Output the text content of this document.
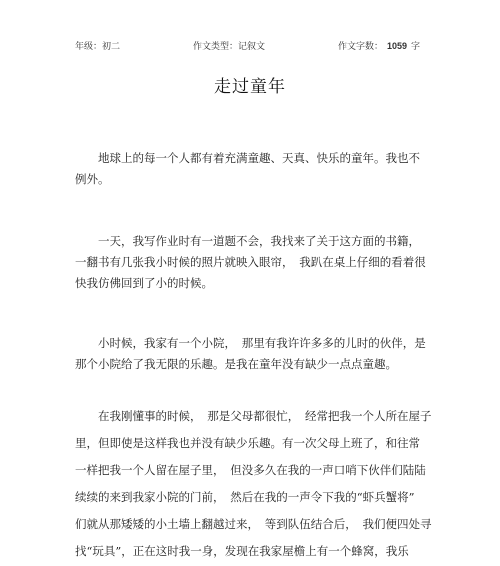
年级：初二	作文类型：记叙文	作文字数： 1059 字
走过童年
　　地球上的每一个人都有着充满童趣、天真、快乐的童年。我也不
例外。
　　一天，我写作业时有一道题不会，我找来了关于这方面的书籍，
一翻书有几张我小时候的照片就映入眼帘，　我趴在桌上仔细的看着很
快我仿佛回到了小的时候。
　　小时候，我家有一个小院，　那里有我许许多多的儿时的伙伴，是
那个小院给了我无限的乐趣。是我在童年没有缺少一点点童趣。
　　在我刚懂事的时候，　那是父母都很忙，　经常把我一个人所在屋子
里，但即使是这样我也并没有缺少乐趣。有一次父母上班了，和往常
一样把我一个人留在屋子里，　但没多久在我的一声口哨下伙伴们陆陆
续续的来到我家小院的门前，　然后在我的一声令下我的“虾兵蟹将”
们就从那矮矮的小土墙上翻越过来，　等到队伍结合后，　我们便四处寻
找“玩具”，正在这时我一身，发现在我家屋檐上有一个蜂窝，我乐
